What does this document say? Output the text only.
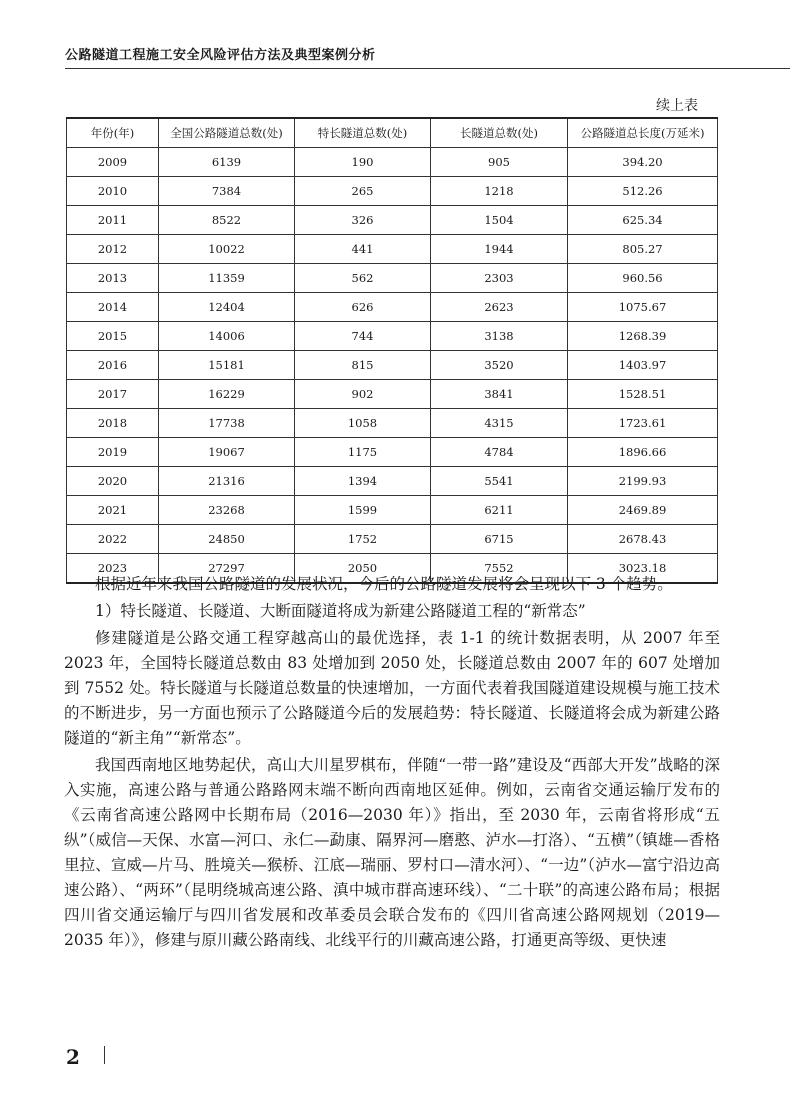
公路隧道工程施工安全风险评估方法及典型案例分析
续上表
年份(年)	全国公路隧道总数(处)	特长隧道总数(处)	长隧道总数(处)	公路隧道总长度(万延米)
2009	6139	190	905	394.20
2010	7384	265	1218	512.26
2011	8522	326	1504	625.34
2012	10022	441	1944	805.27
2013	11359	562	2303	960.56
2014	12404	626	2623	1075.67
2015	14006	744	3138	1268.39
2016	15181	815	3520	1403.97
2017	16229	902	3841	1528.51
2018	17738	1058	4315	1723.61
2019	19067	1175	4784	1896.66
2020	21316	1394	5541	2199.93
2021	23268	1599	6211	2469.89
2022	24850	1752	6715	2678.43
2023	27297	2050	7552	3023.18

根据近年来我国公路隧道的发展状况，今后的公路隧道发展将会呈现以下 3 个趋势。

1）特长隧道、长隧道、大断面隧道将成为新建公路隧道工程的“新常态”

修建隧道是公路交通工程穿越高山的最优选择，表 1-1 的统计数据表明，从 2007 年至 2023 年，全国特长隧道总数由 83 处增加到 2050 处，长隧道总数由 2007 年的 607 处增加到 7552 处。特长隧道与长隧道总数量的快速增加，一方面代表着我国隧道建设规模与施工技术的不断进步，另一方面也预示了公路隧道今后的发展趋势：特长隧道、长隧道将会成为新建公路隧道的“新主角”“新常态”。

我国西南地区地势起伏，高山大川星罗棋布，伴随“一带一路”建设及“西部大开发”战略的深入实施，高速公路与普通公路路网末端不断向西南地区延伸。例如，云南省交通运输厅发布的《云南省高速公路网中长期布局（2016—2030 年）》指出，至 2030 年，云南省将形成“五纵”（威信—天保、水富—河口、永仁—勐康、隔界河—磨憨、泸水—打洛）、“五横”（镇雄—香格里拉、宣威—片马、胜境关—猴桥、江底—瑞丽、罗村口—清水河）、“一边”（泸水—富宁沿边高速公路）、“两环”（昆明绕城高速公路、滇中城市群高速环线）、“二十联”的高速公路布局；根据四川省交通运输厅与四川省发展和改革委员会联合发布的《四川省高速公路网规划（2019—2035 年）》，修建与原川藏公路南线、北线平行的川藏高速公路，打通更高等级、更快速

2
